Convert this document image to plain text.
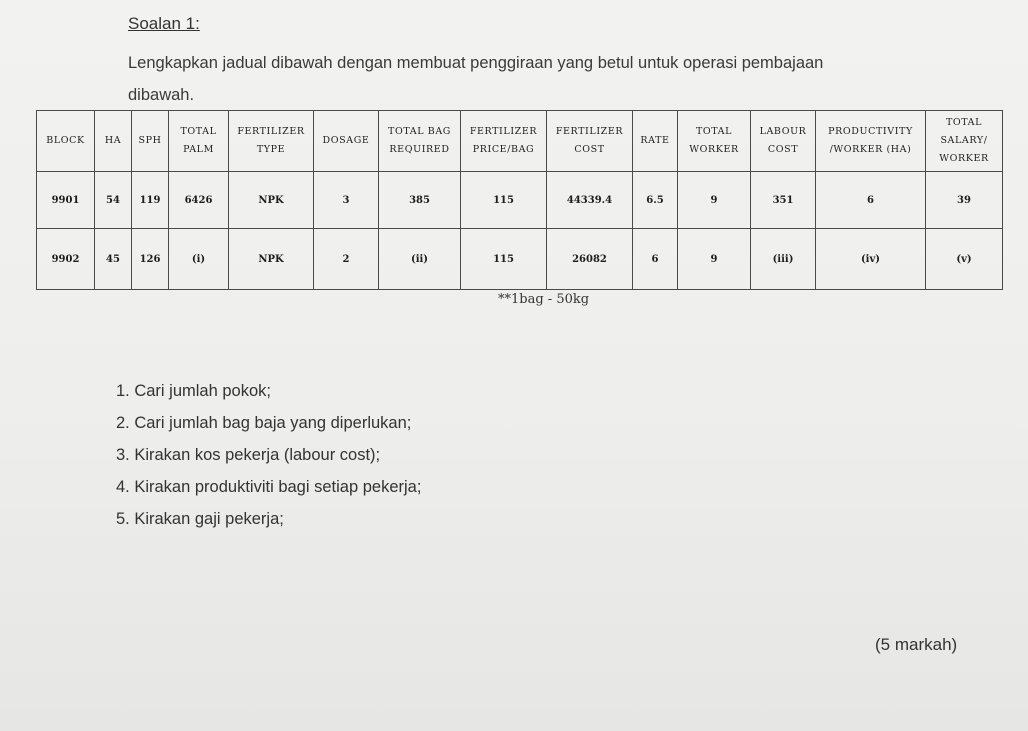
Soalan 1:
Lengkapkan jadual dibawah dengan membuat penggiraan yang betul untuk operasi pembajaan dibawah.
BLOCK	HA	SPH	TOTAL PALM	FERTILIZER TYPE	DOSAGE	TOTAL BAG REQUIRED	FERTILIZER PRICE/BAG	FERTILIZER COST	RATE	TOTAL WORKER	LABOUR COST	PRODUCTIVITY /WORKER (HA)	TOTAL SALARY/ WORKER
9901	54	119	6426	NPK	3	385	115	44339.4	6.5	9	351	6	39
9902	45	126	(i)	NPK	2	(ii)	115	26082	6	9	(iii)	(iv)	(v)
**1bag - 50kg
1. Cari jumlah pokok;
2. Cari jumlah bag baja yang diperlukan;
3. Kirakan kos pekerja (labour cost);
4. Kirakan produktiviti bagi setiap pekerja;
5. Kirakan gaji pekerja;
(5 markah)
